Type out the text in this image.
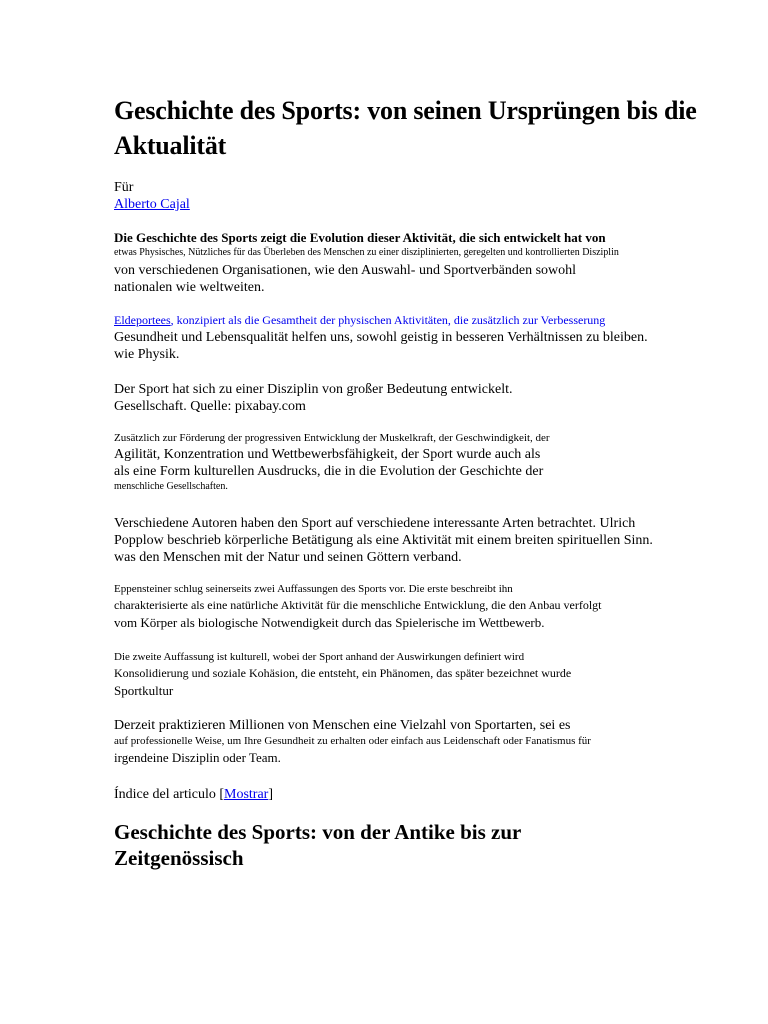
Geschichte des Sports: von seinen Ursprüngen bis die Aktualität
Für
Alberto Cajal
Die Geschichte des Sports zeigt die Evolution dieser Aktivität, die sich entwickelt hat von
etwas Physisches, Nützliches für das Überleben des Menschen zu einer disziplinierten, geregelten und kontrollierten Disziplin
von verschiedenen Organisationen, wie den Auswahl- und Sportverbänden sowohl
nationalen wie weltweiten.
Eldeportees, konzipiert als die Gesamtheit der physischen Aktivitäten, die zusätzlich zur Verbesserung
Gesundheit und Lebensqualität helfen uns, sowohl geistig in besseren Verhältnissen zu bleiben.
wie Physik.
Der Sport hat sich zu einer Disziplin von großer Bedeutung entwickelt.
Gesellschaft. Quelle: pixabay.com
Zusätzlich zur Förderung der progressiven Entwicklung der Muskelkraft, der Geschwindigkeit, der
Agilität, Konzentration und Wettbewerbsfähigkeit, der Sport wurde auch als
als eine Form kulturellen Ausdrucks, die in die Evolution der Geschichte der
menschliche Gesellschaften.
Verschiedene Autoren haben den Sport auf verschiedene interessante Arten betrachtet. Ulrich
Popplow beschrieb körperliche Betätigung als eine Aktivität mit einem breiten spirituellen Sinn.
was den Menschen mit der Natur und seinen Göttern verband.
Eppensteiner schlug seinerseits zwei Auffassungen des Sports vor. Die erste beschreibt ihn
charakterisierte als eine natürliche Aktivität für die menschliche Entwicklung, die den Anbau verfolgt
vom Körper als biologische Notwendigkeit durch das Spielerische im Wettbewerb.
Die zweite Auffassung ist kulturell, wobei der Sport anhand der Auswirkungen definiert wird
Konsolidierung und soziale Kohäsion, die entsteht, ein Phänomen, das später bezeichnet wurde
Sportkultur
Derzeit praktizieren Millionen von Menschen eine Vielzahl von Sportarten, sei es
auf professionelle Weise, um Ihre Gesundheit zu erhalten oder einfach aus Leidenschaft oder Fanatismus für
irgendeine Disziplin oder Team.
Índice del articulo [Mostrar]
Geschichte des Sports: von der Antike bis zur Zeitgenössisch
